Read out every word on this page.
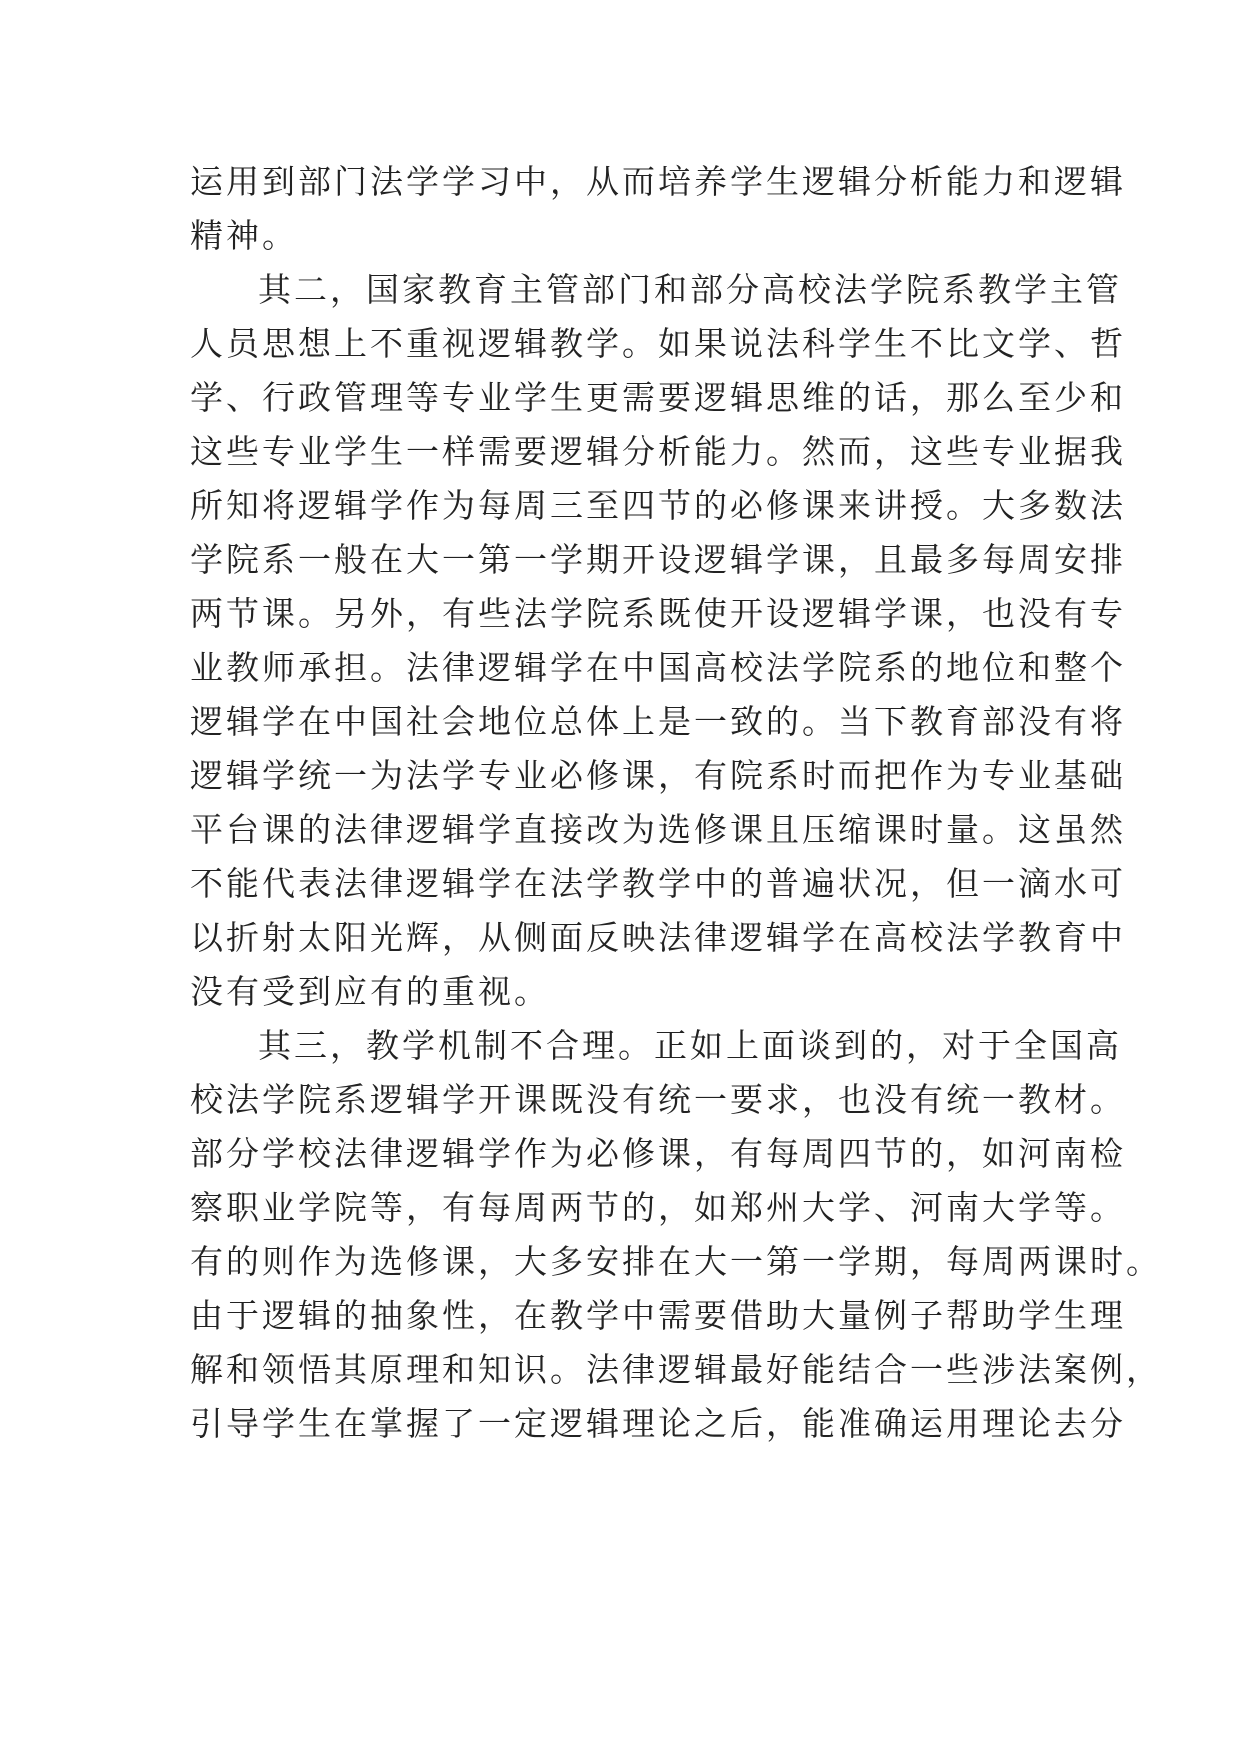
运用到部门法学学习中，从而培养学生逻辑分析能力和逻辑
精神。
其二，国家教育主管部门和部分高校法学院系教学主管
人员思想上不重视逻辑教学。如果说法科学生不比文学、哲
学、行政管理等专业学生更需要逻辑思维的话，那么至少和
这些专业学生一样需要逻辑分析能力。然而，这些专业据我
所知将逻辑学作为每周三至四节的必修课来讲授。大多数法
学院系一般在大一第一学期开设逻辑学课，且最多每周安排
两节课。另外，有些法学院系既使开设逻辑学课，也没有专
业教师承担。法律逻辑学在中国高校法学院系的地位和整个
逻辑学在中国社会地位总体上是一致的。当下教育部没有将
逻辑学统一为法学专业必修课，有院系时而把作为专业基础
平台课的法律逻辑学直接改为选修课且压缩课时量。这虽然
不能代表法律逻辑学在法学教学中的普遍状况，但一滴水可
以折射太阳光辉，从侧面反映法律逻辑学在高校法学教育中
没有受到应有的重视。
其三，教学机制不合理。正如上面谈到的，对于全国高
校法学院系逻辑学开课既没有统一要求，也没有统一教材。
部分学校法律逻辑学作为必修课，有每周四节的，如河南检
察职业学院等，有每周两节的，如郑州大学、河南大学等。
有的则作为选修课，大多安排在大一第一学期，每周两课时。
由于逻辑的抽象性，在教学中需要借助大量例子帮助学生理
解和领悟其原理和知识。法律逻辑最好能结合一些涉法案例，
引导学生在掌握了一定逻辑理论之后，能准确运用理论去分
